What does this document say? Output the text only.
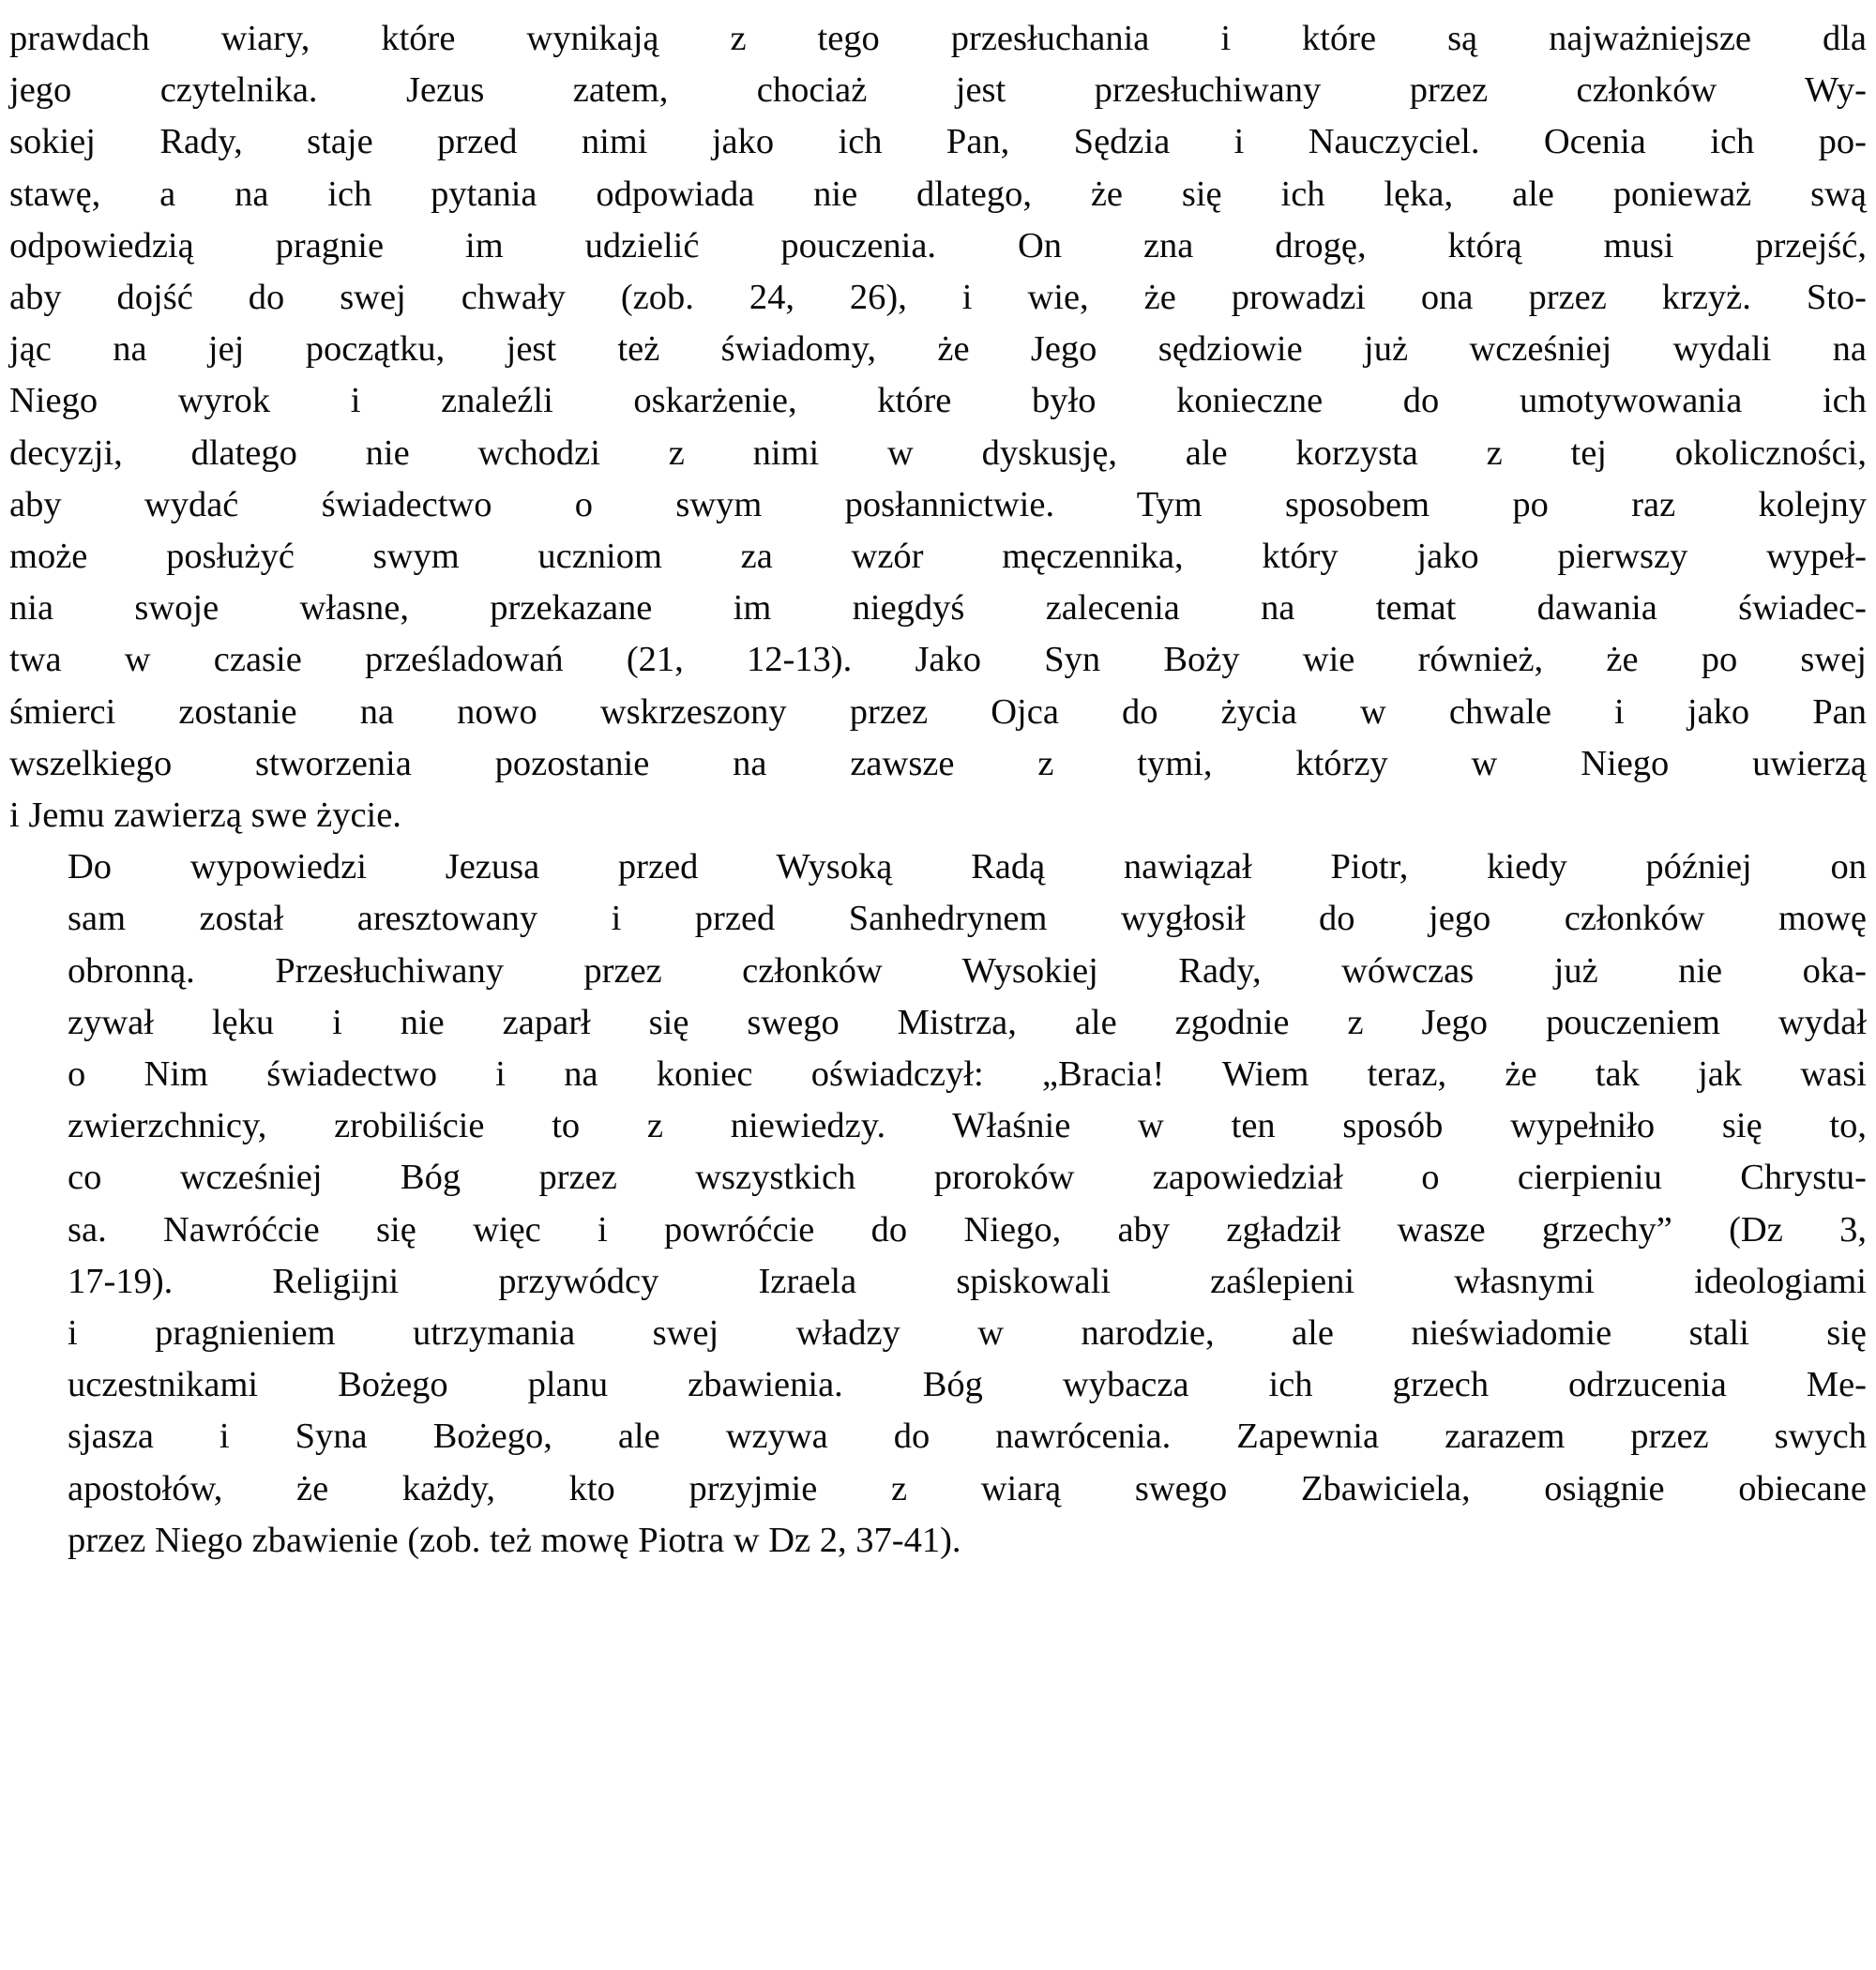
prawdach wiary, które wynikają z tego przesłuchania i które są najważniejsze dla
jego czytelnika. Jezus zatem, chociaż jest przesłuchiwany przez członków Wy-
sokiej Rady, staje przed nimi jako ich Pan, Sędzia i Nauczyciel. Ocenia ich po-
stawę, a na ich pytania odpowiada nie dlatego, że się ich lęka, ale ponieważ swą
odpowiedzią pragnie im udzielić pouczenia. On zna drogę, którą musi przejść,
aby dojść do swej chwały (zob. 24, 26), i wie, że prowadzi ona przez krzyż. Sto-
jąc na jej początku, jest też świadomy, że Jego sędziowie już wcześniej wydali na
Niego wyrok i znaleźli oskarżenie, które było konieczne do umotywowania ich
decyzji, dlatego nie wchodzi z nimi w dyskusję, ale korzysta z tej okoliczności,
aby wydać świadectwo o swym posłannictwie. Tym sposobem po raz kolejny
może posłużyć swym uczniom za wzór męczennika, który jako pierwszy wypeł-
nia swoje własne, przekazane im niegdyś zalecenia na temat dawania świadec-
twa w czasie prześladowań (21, 12-13). Jako Syn Boży wie również, że po swej
śmierci zostanie na nowo wskrzeszony przez Ojca do życia w chwale i jako Pan
wszelkiego stworzenia pozostanie na zawsze z tymi, którzy w Niego uwierzą
i Jemu zawierzą swe życie.
Do wypowiedzi Jezusa przed Wysoką Radą nawiązał Piotr, kiedy później on
sam został aresztowany i przed Sanhedrynem wygłosił do jego członków mowę
obronną. Przesłuchiwany przez członków Wysokiej Rady, wówczas już nie oka-
zywał lęku i nie zaparł się swego Mistrza, ale zgodnie z Jego pouczeniem wydał
o Nim świadectwo i na koniec oświadczył: „Bracia! Wiem teraz, że tak jak wasi
zwierzchnicy, zrobiliście to z niewiedzy. Właśnie w ten sposób wypełniło się to,
co wcześniej Bóg przez wszystkich proroków zapowiedział o cierpieniu Chrystu-
sa. Nawróćcie się więc i powróćcie do Niego, aby zgładził wasze grzechy” (Dz 3,
17-19). Religijni przywódcy Izraela spiskowali zaślepieni własnymi ideologiami
i pragnieniem utrzymania swej władzy w narodzie, ale nieświadomie stali się
uczestnikami Bożego planu zbawienia. Bóg wybacza ich grzech odrzucenia Me-
sjasza i Syna Bożego, ale wzywa do nawrócenia. Zapewnia zarazem przez swych
apostołów, że każdy, kto przyjmie z wiarą swego Zbawiciela, osiągnie obiecane
przez Niego zbawienie (zob. też mowę Piotra w Dz 2, 37-41).
